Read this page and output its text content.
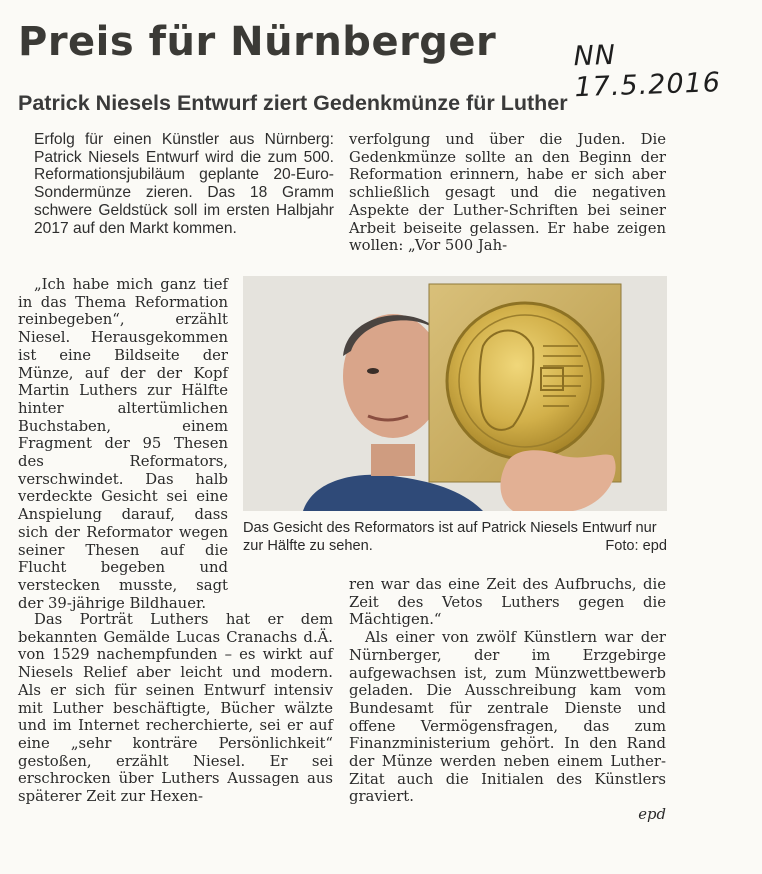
Preis für Nürnberger	NN 17.5.2016
Patrick Niesels Entwurf ziert Gedenkmünze für Luther

Erfolg für einen Künstler aus Nürnberg: Patrick Niesels Entwurf wird die zum 500. Reformationsjubiläum geplante 20-Euro-Sondermünze zieren. Das 18 Gramm schwere Geldstück soll im ersten Halbjahr 2017 auf den Markt kommen.

„Ich habe mich ganz tief in das Thema Reformation reinbegeben“, erzählt Niesel. Herausgekommen ist eine Bildseite der Münze, auf der der Kopf Martin Luthers zur Hälfte hinter altertümlichen Buchstaben, einem Fragment der 95 Thesen des Reformators, verschwindet. Das halb verdeckte Gesicht sei eine Anspielung darauf, dass sich der Reformator wegen seiner Thesen auf die Flucht begeben und verstecken musste, sagt der 39-jährige Bildhauer.

Das Porträt Luthers hat er dem bekannten Gemälde Lucas Cranachs d.Ä. von 1529 nachempfunden – es wirkt auf Niesels Relief aber leicht und modern. Als er sich für seinen Entwurf intensiv mit Luther beschäftigte, Bücher wälzte und im Internet recherchierte, sei er auf eine „sehr konträre Persönlichkeit“ gestoßen, erzählt Niesel. Er sei erschrocken über Luthers Aussagen aus späterer Zeit zur Hexen-

verfolgung und über die Juden. Die Gedenkmünze sollte an den Beginn der Reformation erinnern, habe er sich aber schließlich gesagt und die negativen Aspekte der Luther-Schriften bei seiner Arbeit beiseite gelassen. Er habe zeigen wollen: „Vor 500 Jah-

Das Gesicht des Reformators ist auf Patrick Niesels Entwurf nur zur Hälfte zu sehen.	Foto: epd

ren war das eine Zeit des Aufbruchs, die Zeit des Vetos Luthers gegen die Mächtigen.“

Als einer von zwölf Künstlern war der Nürnberger, der im Erzgebirge aufgewachsen ist, zum Münzwettbewerb geladen. Die Ausschreibung kam vom Bundesamt für zentrale Dienste und offene Vermögensfragen, das zum Finanzministerium gehört. In den Rand der Münze werden neben einem Luther-Zitat auch die Initialen des Künstlers graviert.

epd
